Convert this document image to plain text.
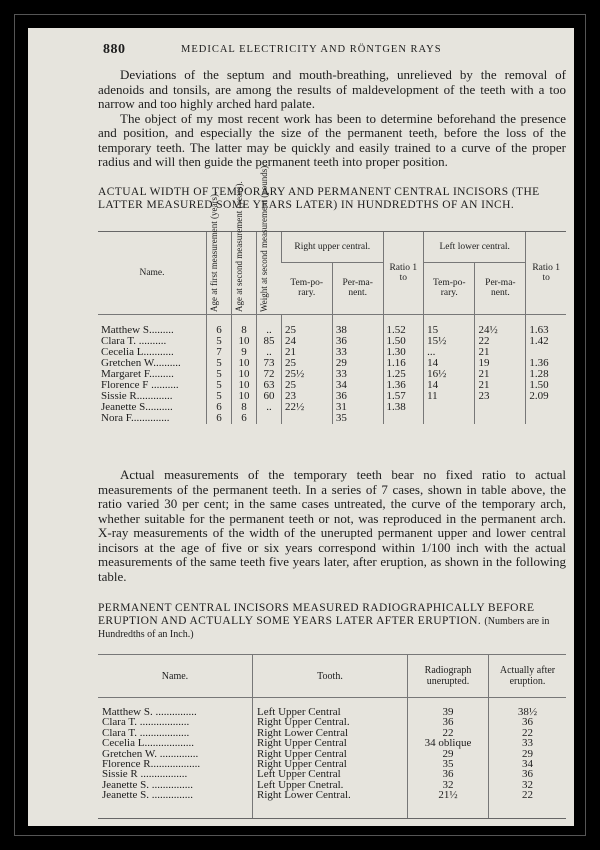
880	MEDICAL ELECTRICITY AND RÖNTGEN RAYS

Deviations of the septum and mouth-breathing, unrelieved by the removal of adenoids and tonsils, are among the results of maldevelopment of the teeth with a too narrow and too highly arched hard palate.

The object of my most recent work has been to determine beforehand the presence and position, and especially the size of the permanent teeth, before the loss of the temporary teeth. The latter may be quickly and easily trained to a curve of the proper radius and will then guide the permanent teeth into proper position.

ACTUAL WIDTH OF TEMPORARY AND PERMANENT CENTRAL INCISORS (THE LATTER MEASURED SOME YEARS LATER) IN HUNDREDTHS OF AN INCH.
Name.	Age at first measurement (years).	Age at second measurement (years).	Weight at second measurement (pounds).	Right upper central.		Ratio 1 to	Left lower central.		Ratio 1 to
				Tem-po-rary.	Per-ma-nent.		Tem-po-rary.	Per-ma-nent.	
Matthew S.........	6	8	..	25	38	1.52	15	24½	1.63
Clara T. ..........	5	10	85	24	36	1.50	15½	22	1.42
Cecelia L...........	7	9	..	21	33	1.30	...	21	
Gretchen W..........	5	10	73	25	29	1.16	14	19	1.36
Margaret F.........	5	10	72	25½	33	1.25	16½	21	1.28
Florence F ..........	5	10	63	25	34	1.36	14	21	1.50
Sissie R.............	5	10	60	23	36	1.57	11	23	2.09
Jeanette S..........	6	8	..	22½	31	1.38			
Nora F..............	6	6			35				

Actual measurements of the temporary teeth bear no fixed ratio to actual measurements of the permanent teeth. In a series of 7 cases, shown in table above, the ratio varied 30 per cent; in the same cases untreated, the curve of the temporary arch, whether suitable for the permanent teeth or not, was reproduced in the permanent arch. X-ray measurements of the width of the unerupted permanent upper and lower central incisors at the age of five or six years correspond within 1/100 inch with the actual measurements of the same teeth five years later, after eruption, as shown in the following table.

PERMANENT CENTRAL INCISORS MEASURED RADIOGRAPHICALLY BEFORE ERUPTION AND ACTUALLY SOME YEARS LATER AFTER ERUPTION. (Numbers are in Hundredths of an Inch.)
Name.	Tooth.	Radiograph unerupted.	Actually after eruption.
Matthew S. ...............	Left Upper Central	39	38½
Clara T. ..................	Right Upper Central.	36	36
Clara T. ..................	Right Lower Central	22	22
Cecelia L..................	Right Upper Central	34 oblique	33
Gretchen W. ..............	Right Upper Central	29	29
Florence R..................	Right Upper Central	35	34
Sissie R .................	Left Upper Central	36	36
Jeanette S. ...............	Left Upper Cnetral.	32	32
Jeanette S. ...............	Right Lower Central.	21½	22
